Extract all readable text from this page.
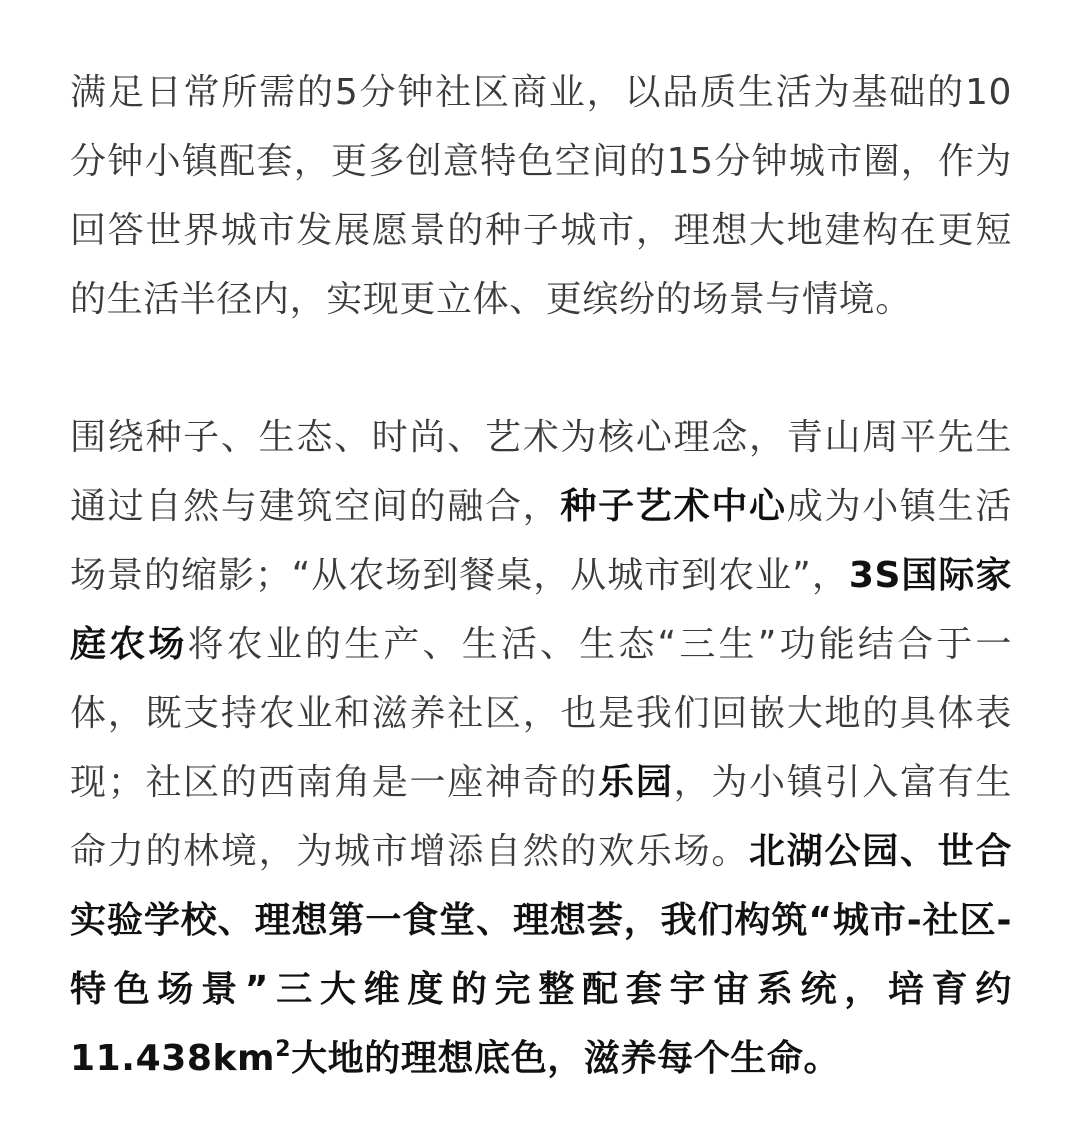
满足日常所需的5分钟社区商业，以品质生活为基础的10分钟小镇配套，更多创意特色空间的15分钟城市圈，作为回答世界城市发展愿景的种子城市，理想大地建构在更短的生活半径内，实现更立体、更缤纷的场景与情境。

围绕种子、生态、时尚、艺术为核心理念，青山周平先生通过自然与建筑空间的融合，种子艺术中心成为小镇生活场景的缩影；“从农场到餐桌，从城市到农业”，3S国际家庭农场将农业的生产、生活、生态“三生”功能结合于一体，既支持农业和滋养社区，也是我们回嵌大地的具体表现；社区的西南角是一座神奇的乐园，为小镇引入富有生命力的林境，为城市增添自然的欢乐场。北湖公园、世合实验学校、理想第一食堂、理想荟，我们构筑“城市-社区-特色场景”三大维度的完整配套宇宙系统，培育约$11.438km^2$大地的理想底色，滋养每个生命。
